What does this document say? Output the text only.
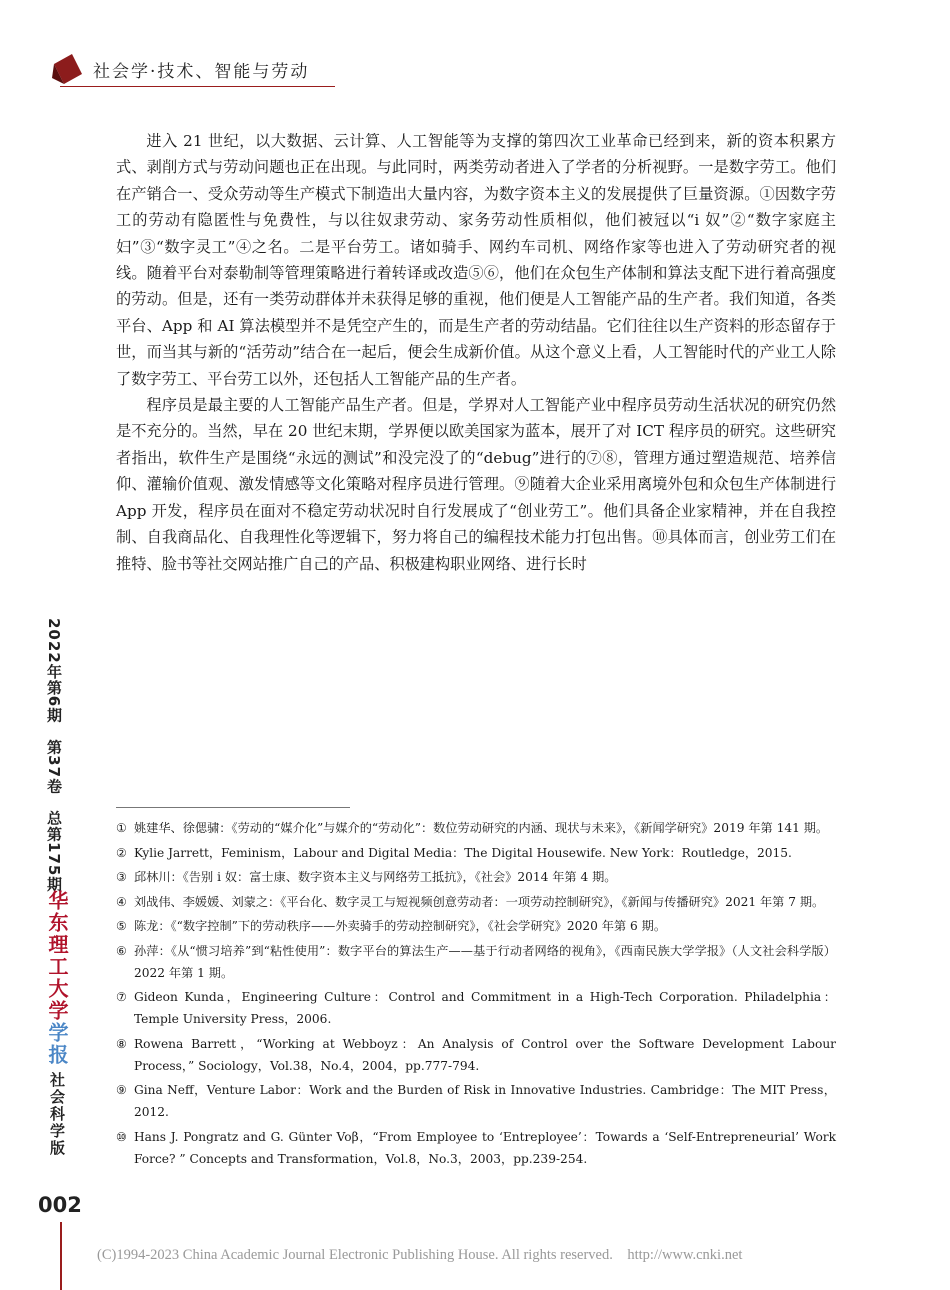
社会学·技术、智能与劳动

进入 21 世纪，以大数据、云计算、人工智能等为支撑的第四次工业革命已经到来，新的资本积累方式、剥削方式与劳动问题也正在出现。与此同时，两类劳动者进入了学者的分析视野。一是数字劳工。他们在产销合一、受众劳动等生产模式下制造出大量内容，为数字资本主义的发展提供了巨量资源。①因数字劳工的劳动有隐匿性与免费性，与以往奴隶劳动、家务劳动性质相似，他们被冠以“i 奴”②“数字家庭主妇”③“数字灵工”④之名。二是平台劳工。诸如骑手、网约车司机、网络作家等也进入了劳动研究者的视线。随着平台对泰勒制等管理策略进行着转译或改造⑤⑥，他们在众包生产体制和算法支配下进行着高强度的劳动。但是，还有一类劳动群体并未获得足够的重视，他们便是人工智能产品的生产者。我们知道，各类平台、App 和 AI 算法模型并不是凭空产生的，而是生产者的劳动结晶。它们往往以生产资料的形态留存于世，而当其与新的“活劳动”结合在一起后，便会生成新价值。从这个意义上看，人工智能时代的产业工人除了数字劳工、平台劳工以外，还包括人工智能产品的生产者。

程序员是最主要的人工智能产品生产者。但是，学界对人工智能产业中程序员劳动生活状况的研究仍然是不充分的。当然，早在 20 世纪末期，学界便以欧美国家为蓝本，展开了对 ICT 程序员的研究。这些研究者指出，软件生产是围绕“永远的测试”和没完没了的“debug”进行的⑦⑧，管理方通过塑造规范、培养信仰、灌输价值观、激发情感等文化策略对程序员进行管理。⑨随着大企业采用离境外包和众包生产体制进行 App 开发，程序员在面对不稳定劳动状况时自行发展成了“创业劳工”。他们具备企业家精神，并在自我控制、自我商品化、自我理性化等逻辑下，努力将自己的编程技术能力打包出售。⑩具体而言，创业劳工们在推特、脸书等社交网站推广自己的产品、积极建构职业网络、进行长时

① 姚建华、徐偲骕：《劳动的“媒介化”与媒介的“劳动化”：数位劳动研究的内涵、现状与未来》，《新闻学研究》2019 年第 141 期。
② Kylie Jarrett，Feminism，Labour and Digital Media：The Digital Housewife. New York：Routledge，2015.
③ 邱林川：《告别 i 奴：富士康、数字资本主义与网络劳工抵抗》，《社会》2014 年第 4 期。
④ 刘战伟、李媛媛、刘蒙之：《平台化、数字灵工与短视频创意劳动者：一项劳动控制研究》，《新闻与传播研究》2021 年第 7 期。
⑤ 陈龙：《“数字控制”下的劳动秩序——外卖骑手的劳动控制研究》，《社会学研究》2020 年第 6 期。
⑥ 孙萍：《从“惯习培养”到“粘性使用”：数字平台的算法生产——基于行动者网络的视角》，《西南民族大学学报》（人文社会科学版）2022 年第 1 期。
⑦ Gideon Kunda，Engineering Culture：Control and Commitment in a High-Tech Corporation. Philadelphia：Temple University Press，2006.
⑧ Rowena Barrett，“Working at Webboyz：An Analysis of Control over the Software Development Labour Process，” Sociology，Vol.38，No.4，2004，pp.777-794.
⑨ Gina Neff，Venture Labor：Work and the Burden of Risk in Innovative Industries. Cambridge：The MIT Press，2012.
⑩ Hans J. Pongratz and G. Günter Voβ，“From Employee to ‘Entreployee’：Towards a ‘Self-Entrepreneurial’ Work Force? ” Concepts and Transformation，Vol.8，No.3，2003，pp.239-254.
2022年第6期　第37卷　总第175期
华东理工大学学报社会科学版
002
(C)1994-2023 China Academic Journal Electronic Publishing House. All rights reserved.　http://www.cnki.net
